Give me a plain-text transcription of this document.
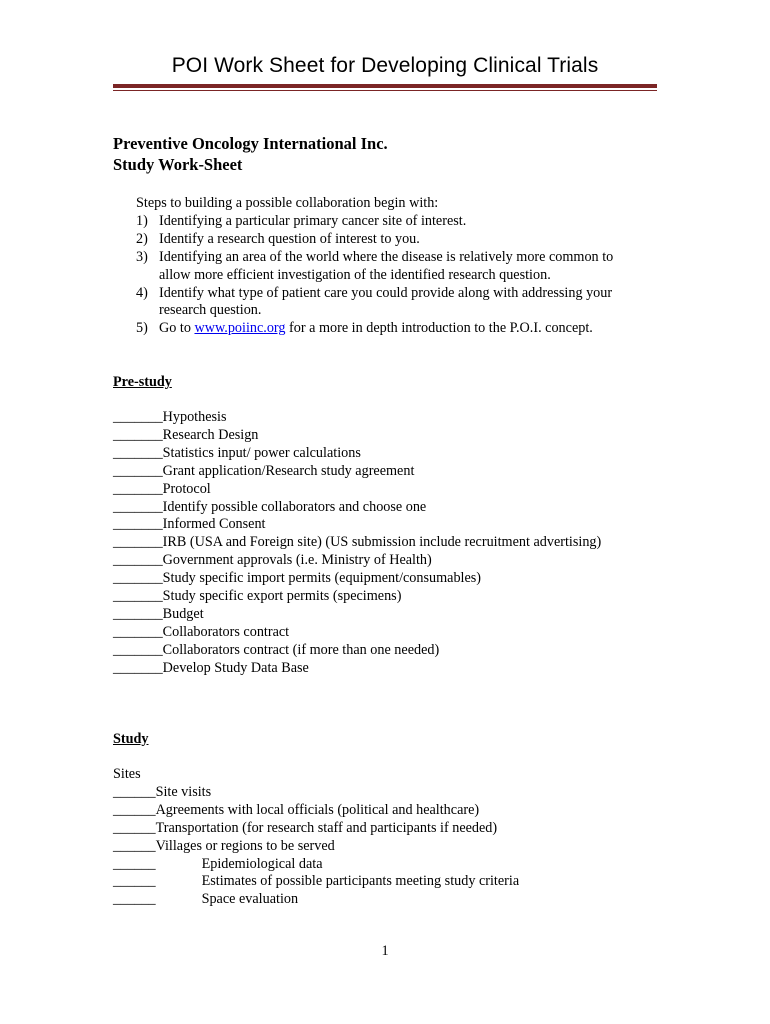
POI Work Sheet for Developing Clinical Trials
Preventive Oncology International Inc.
Study Work-Sheet
Steps to building a possible collaboration begin with:
1) Identifying a particular primary cancer site of interest.
2) Identify a research question of interest to you.
3) Identifying an area of the world where the disease is relatively more common to
allow more efficient investigation of the identified research question.
4) Identify what type of patient care you could provide along with addressing your
research question.
5) Go to www.poiinc.org for a more in depth introduction to the P.O.I. concept.
Pre-study
_______Hypothesis
_______Research Design
_______Statistics input/ power calculations
_______Grant application/Research study agreement
_______Protocol
_______Identify possible collaborators and choose one
_______Informed Consent
_______IRB (USA and Foreign site) (US submission include recruitment advertising)
_______Government approvals (i.e. Ministry of Health)
_______Study specific import permits (equipment/consumables)
_______Study specific export permits (specimens)
_______Budget
_______Collaborators contract
_______Collaborators contract (if more than one needed)
_______Develop Study Data Base
Study
Sites
______Site visits
______Agreements with local officials (political and healthcare)
______Transportation (for research staff and participants if needed)
______Villages or regions to be served
______	Epidemiological data
______	Estimates of possible participants meeting study criteria
______	Space evaluation
1
